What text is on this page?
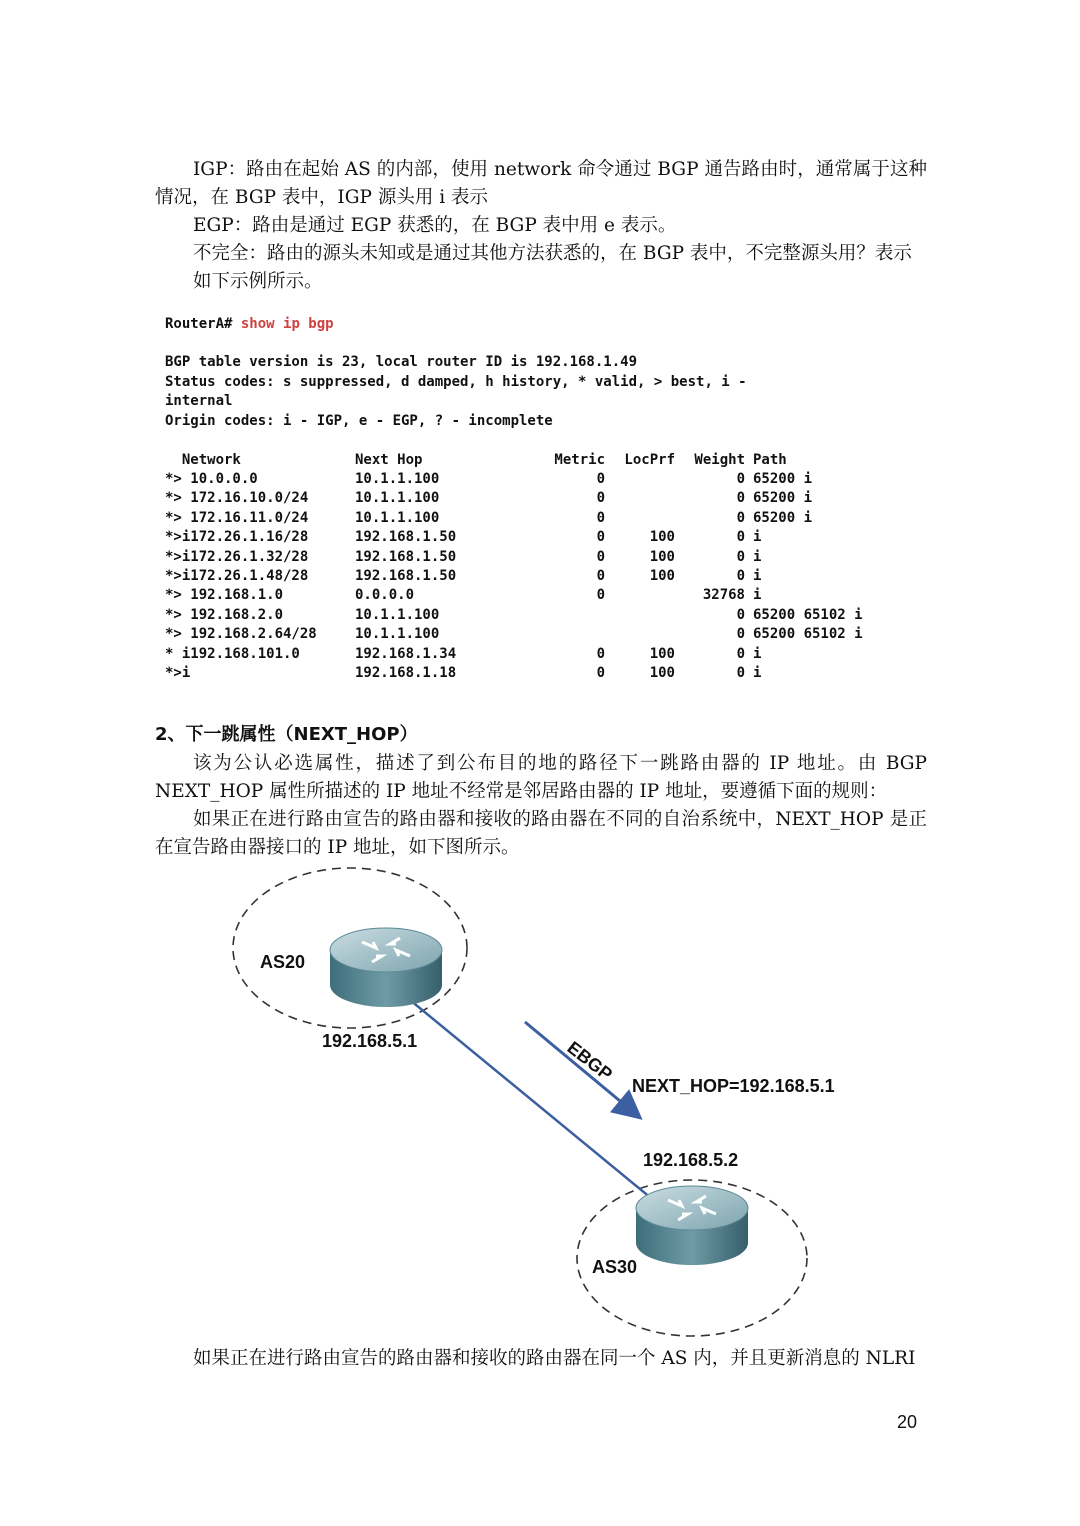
IGP：路由在起始 AS 的内部，使用 network 命令通过 BGP 通告路由时，通常属于这种情况，在 BGP 表中，IGP 源头用 i 表示

EGP：路由是通过 EGP 获悉的，在 BGP 表中用 e 表示。

不完全：路由的源头未知或是通过其他方法获悉的，在 BGP 表中，不完整源头用？表示

如下示例所示。

RouterA# show ip bgp
BGP table version is 23, local router ID is 192.168.1.49
Status codes: s suppressed, d damped, h history, * valid, > best, i -
internal
Origin codes: i - IGP, e - EGP, ? - incomplete
Network	Next Hop	Metric	LocPrf	Weight	Path
*> 10.0.0.0	10.1.1.100	0		0	65200 i
*> 172.16.10.0/24	10.1.1.100	0		0	65200 i
*> 172.16.11.0/24	10.1.1.100	0		0	65200 i
*>i172.26.1.16/28	192.168.1.50	0	100	0	i
*>i172.26.1.32/28	192.168.1.50	0	100	0	i
*>i172.26.1.48/28	192.168.1.50	0	100	0	i
*> 192.168.1.0	0.0.0.0	0		32768	i
*> 192.168.2.0	10.1.1.100			0	65200 65102 i
*> 192.168.2.64/28	10.1.1.100			0	65200 65102 i
* i192.168.101.0	192.168.1.34	0	100	0	i
*>i	192.168.1.18	0	100	0	i

2、下一跳属性（NEXT_HOP）

该为公认必选属性，描述了到公布目的地的路径下一跳路由器的 IP 地址。由 BGP NEXT_HOP 属性所描述的 IP 地址不经常是邻居路由器的 IP 地址，要遵循下面的规则：

如果正在进行路由宣告的路由器和接收的路由器在不同的自治系统中，NEXT_HOP 是正在宣告路由器接口的 IP 地址，如下图所示。

AS20
AS30
192.168.5.1
192.168.5.2
EBGP
NEXT_HOP=192.168.5.1

如果正在进行路由宣告的路由器和接收的路由器在同一个 AS 内，并且更新消息的 NLRI

20
